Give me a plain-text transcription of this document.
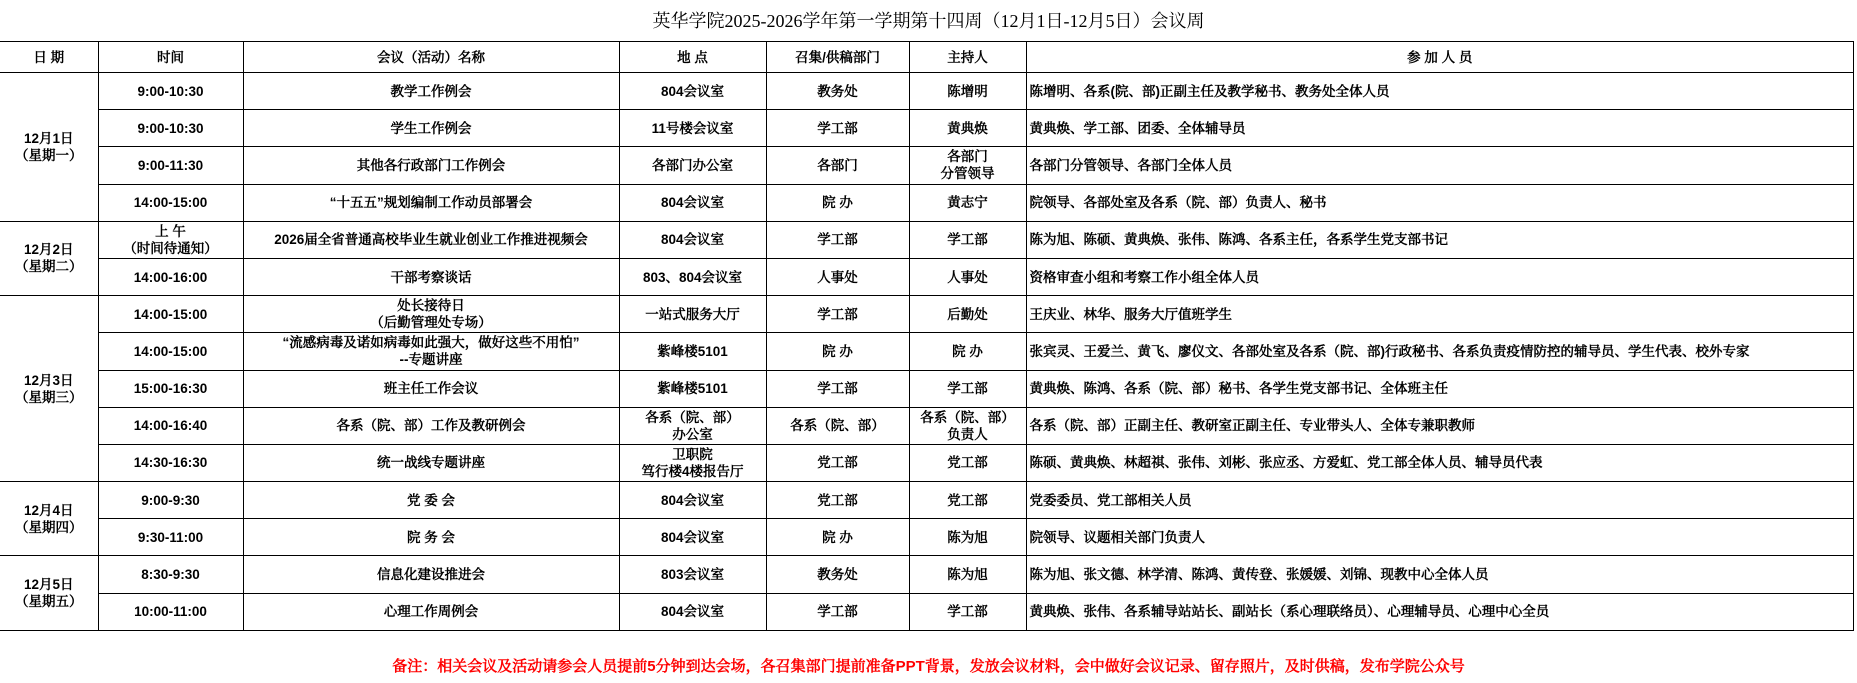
英华学院2025-2026学年第一学期第十四周（12月1日-12月5日）会议周
日 期	时间	会议（活动）名称	地 点	召集/供稿部门	主持人	参 加 人 员
12月1日
（星期一）	9:00-10:30	教学工作例会	804会议室	教务处	陈增明	陈增明、各系(院、部)正副主任及教学秘书、教务处全体人员
	9:00-10:30	学生工作例会	11号楼会议室	学工部	黄典焕	黄典焕、学工部、团委、全体辅导员
	9:00-11:30	其他各行政部门工作例会	各部门办公室	各部门	各部门
分管领导	各部门分管领导、各部门全体人员
	14:00-15:00	“十五五”规划编制工作动员部署会	804会议室	院 办	黄志宁	院领导、各部处室及各系（院、部）负责人、秘书
12月2日
（星期二）	上 午
（时间待通知）	2026届全省普通高校毕业生就业创业工作推进视频会	804会议室	学工部	学工部	陈为旭、陈硕、黄典焕、张伟、陈鸿、各系主任，各系学生党支部书记
	14:00-16:00	干部考察谈话	803、804会议室	人事处	人事处	资格审查小组和考察工作小组全体人员
12月3日
（星期三）	14:00-15:00	处长接待日
（后勤管理处专场）	一站式服务大厅	学工部	后勤处	王庆业、林华、服务大厅值班学生
	14:00-15:00	“流感病毒及诺如病毒如此强大，做好这些不用怕”
--专题讲座	紫峰楼5101	院 办	院 办	张宾灵、王爱兰、黄飞、廖仪文、各部处室及各系（院、部)行政秘书、各系负责疫情防控的辅导员、学生代表、校外专家
	15:00-16:30	班主任工作会议	紫峰楼5101	学工部	学工部	黄典焕、陈鸿、各系（院、部）秘书、各学生党支部书记、全体班主任
	14:00-16:40	各系（院、部）工作及教研例会	各系（院、部）
办公室	各系（院、部）	各系（院、部）
负责人	各系（院、部）正副主任、教研室正副主任、专业带头人、全体专兼职教师
	14:30-16:30	统一战线专题讲座	卫职院
笃行楼4楼报告厅	党工部	党工部	陈硕、黄典焕、林超祺、张伟、刘彬、张应丞、方爱虹、党工部全体人员、辅导员代表
12月4日
（星期四）	9:00-9:30	党 委 会	804会议室	党工部	党工部	党委委员、党工部相关人员
	9:30-11:00	院 务 会	804会议室	院 办	陈为旭	院领导、议题相关部门负责人
12月5日
（星期五）	8:30-9:30	信息化建设推进会	803会议室	教务处	陈为旭	陈为旭、张文德、林学清、陈鸿、黄传登、张媛媛、刘锦、现教中心全体人员
	10:00-11:00	心理工作周例会	804会议室	学工部	学工部	黄典焕、张伟、各系辅导站站长、副站长（系心理联络员）、心理辅导员、心理中心全员
备注：相关会议及活动请参会人员提前5分钟到达会场，各召集部门提前准备PPT背景，发放会议材料，会中做好会议记录、留存照片，及时供稿，发布学院公众号
